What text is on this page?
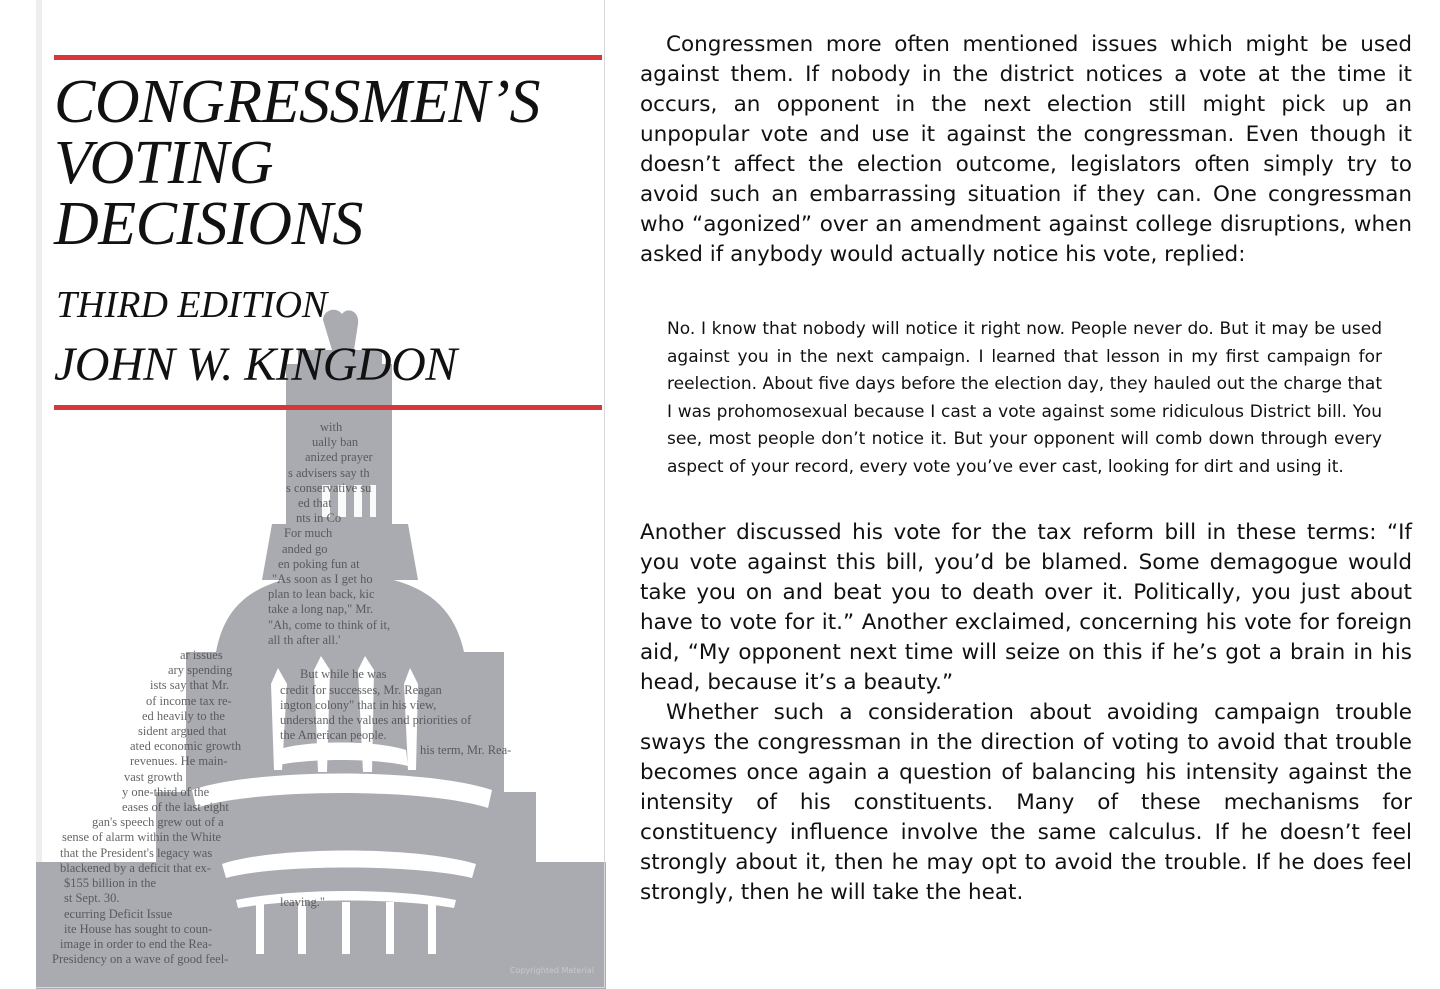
with
ually ban
anized prayer
s advisers say th
s conservative su
ed that
nts in Co
For much
anded go
en poking fun at
"As soon as I get ho
plan to lean back, kic
take a long nap," Mr.
"Ah, come to think of it,
all th after all.'
ar issues
ary spending
ists say that Mr.
of income tax re-
ed heavily to the
sident argued that
ated economic growth
revenues. He main-
vast growth
y one-third of the
eases of the last eight
gan's speech grew out of a
sense of alarm within the White
that the President's legacy was
blackened by a deficit that ex-
$155 billion in the
st Sept. 30.
ecurring Deficit Issue
ite House has sought to coun-
image in order to end the Rea-
Presidency on a wave of good feel-
But while he was
credit for successes, Mr. Reagan
ington colony" that in his view,
understand the values and priorities of
the American people.
his term, Mr. Rea-
leaving."
CONGRESSMEN’S
VOTING
DECISIONS
THIRD EDITION
JOHN W. KINGDON
Copyrighted Material

Congressmen more often mentioned issues which might be used against them. If nobody in the district notices a vote at the time it occurs, an opponent in the next election still might pick up an unpopular vote and use it against the congressman. Even though it doesn’t affect the election outcome, legislators often simply try to avoid such an embarrassing situation if they can. One congressman who “agonized” over an amendment against college disruptions, when asked if anybody would actually notice his vote, replied:

No. I know that nobody will notice it right now. People never do. But it may be used against you in the next campaign. I learned that lesson in my first campaign for reelection. About five days before the election day, they hauled out the charge that I was prohomosexual because I cast a vote against some ridiculous District bill. You see, most people don’t notice it. But your opponent will comb down through every aspect of your record, every vote you’ve ever cast, looking for dirt and using it.

Another discussed his vote for the tax reform bill in these terms: “If you vote against this bill, you’d be blamed. Some demagogue would take you on and beat you to death over it. Politically, you just about have to vote for it.” Another exclaimed, concerning his vote for foreign aid, “My opponent next time will seize on this if he’s got a brain in his head, because it’s a beauty.”

Whether such a consideration about avoiding campaign trouble sways the congressman in the direction of voting to avoid that trouble becomes once again a question of balancing his intensity against the intensity of his constituents. Many of these mechanisms for constituency influence involve the same calculus. If he doesn’t feel strongly about it, then he may opt to avoid the trouble. If he does feel strongly, then he will take the heat.
